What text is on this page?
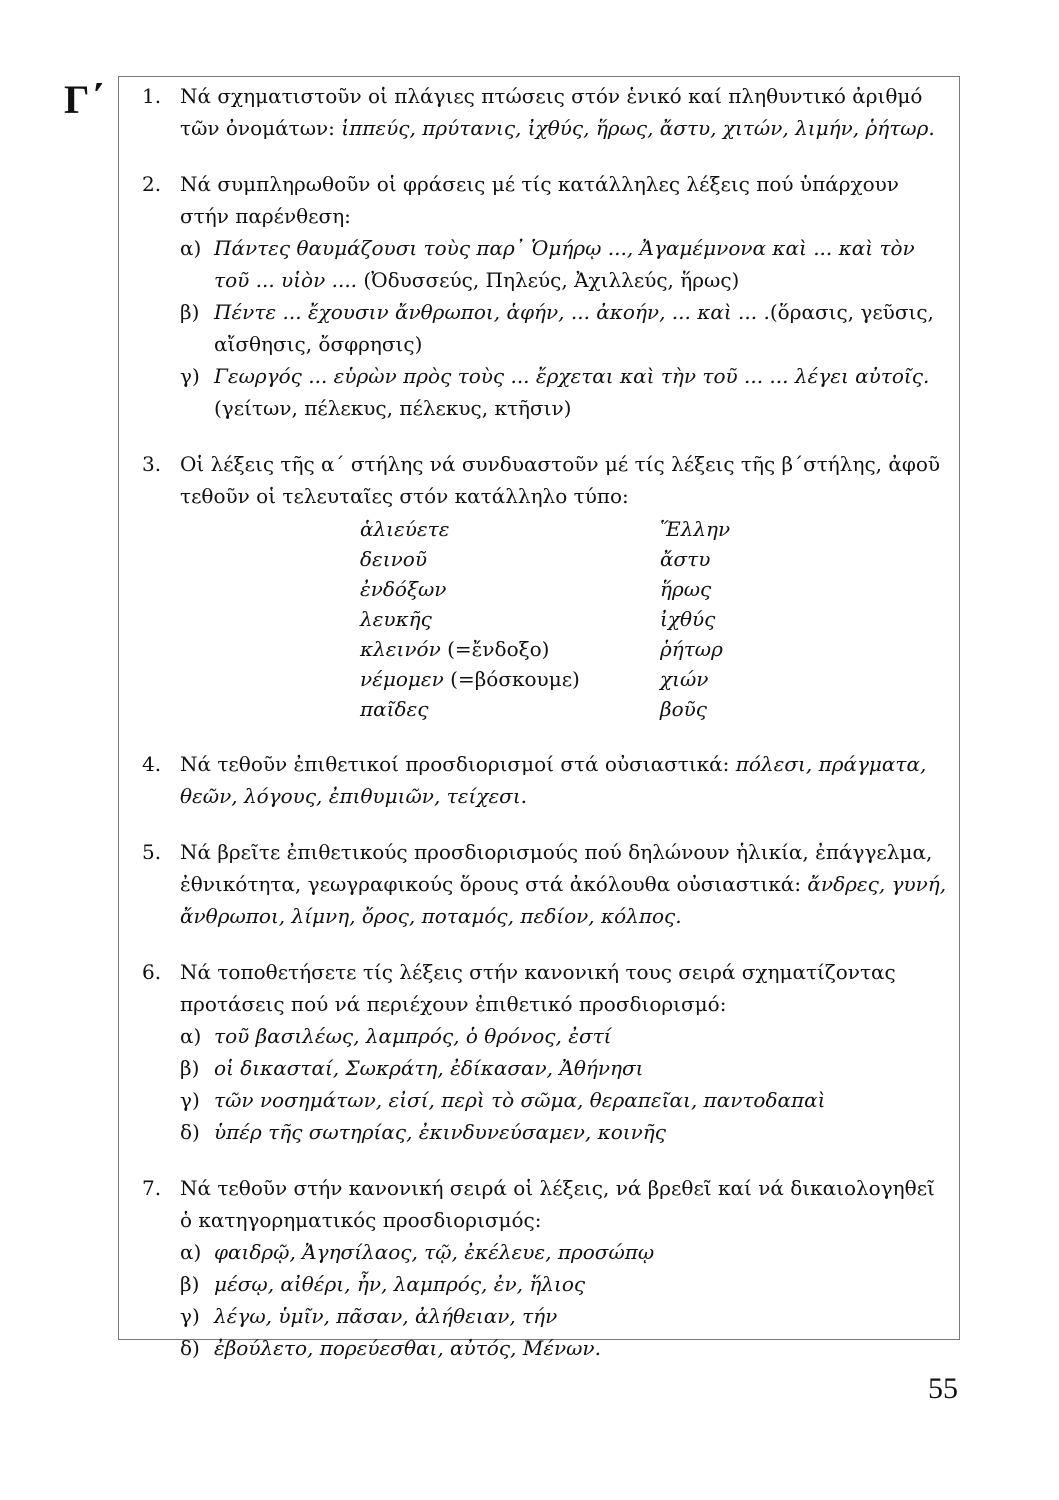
Γ΄ 1. Νά σχηματιστοῦν οἱ πλάγιες πτώσεις στόν ἑνικό καί πληθυντικό ἀριθμό τῶν ὀνομάτων: ἱππεύς, πρύτανις, ἰχθύς, ἥρως, ἄστυ, χιτών, λιμήν, ῥήτωρ.

2. Νά συμπληρωθοῦν οἱ φράσεις μέ τίς κατάλληλες λέξεις πού ὑπάρχουν στήν παρένθεση:

α) Πάντες θαυμάζουσι τοὺς παρ᾽ Ὁμήρῳ ..., Ἀγαμέμνονα καὶ ... καὶ τὸν τοῦ ... υἱὸν .... (Ὀδυσσεύς, Πηλεύς, Ἀχιλλεύς, ἥρως)

β) Πέντε ... ἔχουσιν ἄνθρωποι, ἁφήν, ... ἀκοήν, ... καὶ ... .(ὅρασις, γεῦσις, αἴσθησις, ὄσφρησις)

γ) Γεωργός ... εὑρὼν πρὸς τοὺς ... ἔρχεται καὶ τὴν τοῦ ... ... λέγει αὐτοῖς. (γείτων, πέλεκυς, πέλεκυς, κτῆσιν)

3. Οἱ λέξεις τῆς α΄ στήλης νά συνδυαστοῦν μέ τίς λέξεις τῆς β΄στήλης, ἀφοῦ τεθοῦν οἱ τελευταῖες στόν κατάλληλο τύπο:

ἁλιεύετε
δεινοῦ
ἐνδόξων
λευκῆς
κλεινόν (=ἔνδοξο)
νέμομεν (=βόσκουμε)
παῖδες
Ἕλλην
ἄστυ
ἥρως
ἰχθύς
ῥήτωρ
χιών
βοῦς
4. Νά τεθοῦν ἐπιθετικοί προσδιορισμοί στά οὐσιαστικά: πόλεσι, πράγματα, θεῶν, λόγους, ἐπιθυμιῶν, τείχεσι.

5. Νά βρεῖτε ἐπιθετικούς προσδιορισμούς πού δηλώνουν ἡλικία, ἐπάγγελμα, ἐθνικότητα, γεωγραφικούς ὅρους στά ἀκόλουθα οὐσιαστικά: ἄνδρες, γυνή, ἄνθρωποι, λίμνη, ὄρος, ποταμός, πεδίον, κόλπος.

6. Νά τοποθετήσετε τίς λέξεις στήν κανονική τους σειρά σχηματίζοντας προτάσεις πού νά περιέχουν ἐπιθετικό προσδιορισμό:

α) τοῦ βασιλέως, λαμπρός, ὁ θρόνος, ἐστί

β) οἱ δικασταί, Σωκράτη, ἐδίκασαν, Ἀθήνησι

γ) τῶν νοσημάτων, εἰσί, περὶ τὸ σῶμα, θεραπεῖαι, παντοδαπαὶ

δ) ὑπέρ τῆς σωτηρίας, ἐκινδυνεύσαμεν, κοινῆς

7. Νά τεθοῦν στήν κανονική σειρά οἱ λέξεις, νά βρεθεῖ καί νά δικαιολογηθεῖ ὁ κατηγορηματικός προσδιορισμός:

α) φαιδρῷ, Ἀγησίλαος, τῷ, ἐκέλευε, προσώπῳ

β) μέσῳ, αἰθέρι, ἦν, λαμπρός, ἐν, ἥλιος

γ) λέγω, ὑμῖν, πᾶσαν, ἀλήθειαν, τήν

δ) ἐβούλετο, πορεύεσθαι, αὐτός, Μένων.

55
